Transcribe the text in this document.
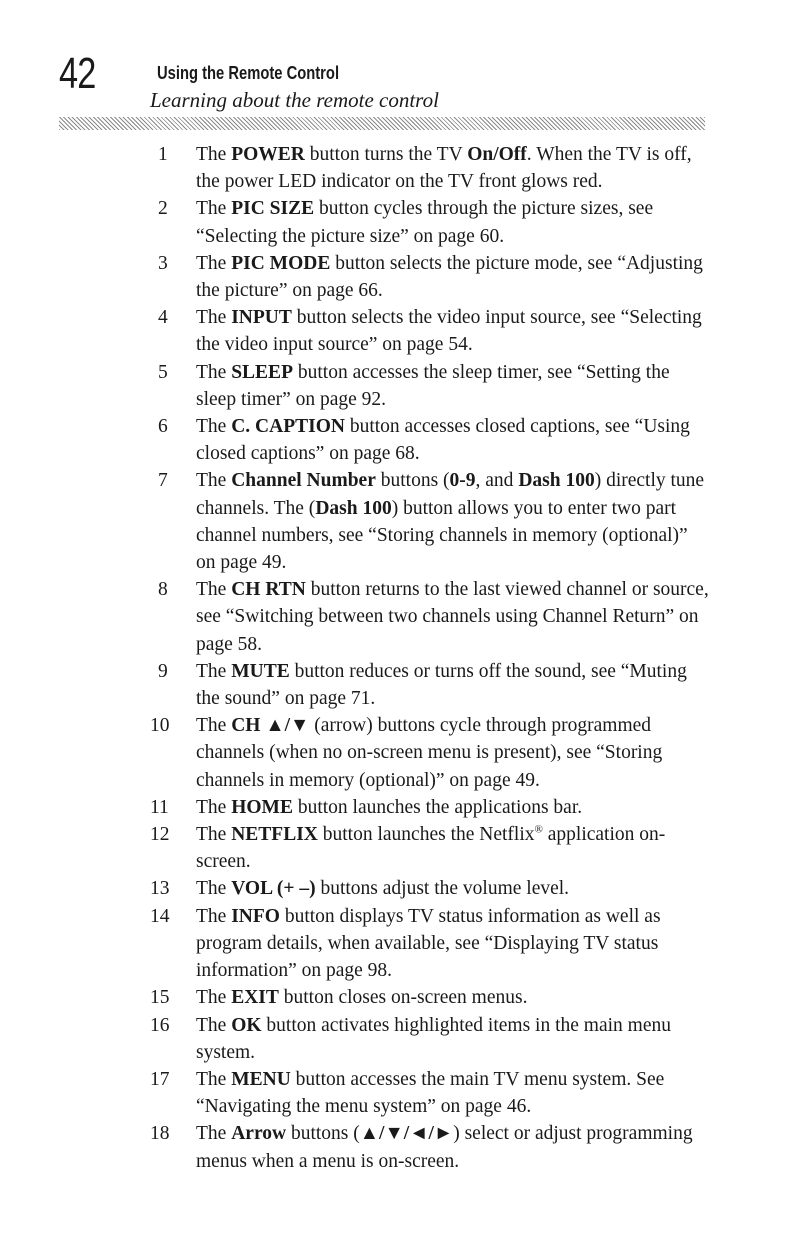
42	Using the Remote Control
Learning about the remote control
1	The POWER button turns the TV On/Off. When the TV is off, the power LED indicator on the TV front glows red.
2	The PIC SIZE button cycles through the picture sizes, see “Selecting the picture size” on page 60.
3	The PIC MODE button selects the picture mode, see “Adjusting the picture” on page 66.
4	The INPUT button selects the video input source, see “Selecting the video input source” on page 54.
5	The SLEEP button accesses the sleep timer, see “Setting the sleep timer” on page 92.
6	The C. CAPTION button accesses closed captions, see “Using closed captions” on page 68.
7	The Channel Number buttons (0-9, and Dash 100) directly tune channels. The (Dash 100) button allows you to enter two part channel numbers, see “Storing channels in memory (optional)” on page 49.
8	The CH RTN button returns to the last viewed channel or source, see “Switching between two channels using Channel Return” on page 58.
9	The MUTE button reduces or turns off the sound, see “Muting the sound” on page 71.
10	The CH ▲/▼ (arrow) buttons cycle through programmed channels (when no on-screen menu is present), see “Storing channels in memory (optional)” on page 49.
11	The HOME button launches the applications bar.
12	The NETFLIX button launches the Netflix® application on-screen.
13	The VOL (+ –) buttons adjust the volume level.
14	The INFO button displays TV status information as well as program details, when available, see “Displaying TV status information” on page 98.
15	The EXIT button closes on-screen menus.
16	The OK button activates highlighted items in the main menu system.
17	The MENU button accesses the main TV menu system. See “Navigating the menu system” on page 46.
18	The Arrow buttons (▲/▼/◄/►) select or adjust programming menus when a menu is on-screen.
